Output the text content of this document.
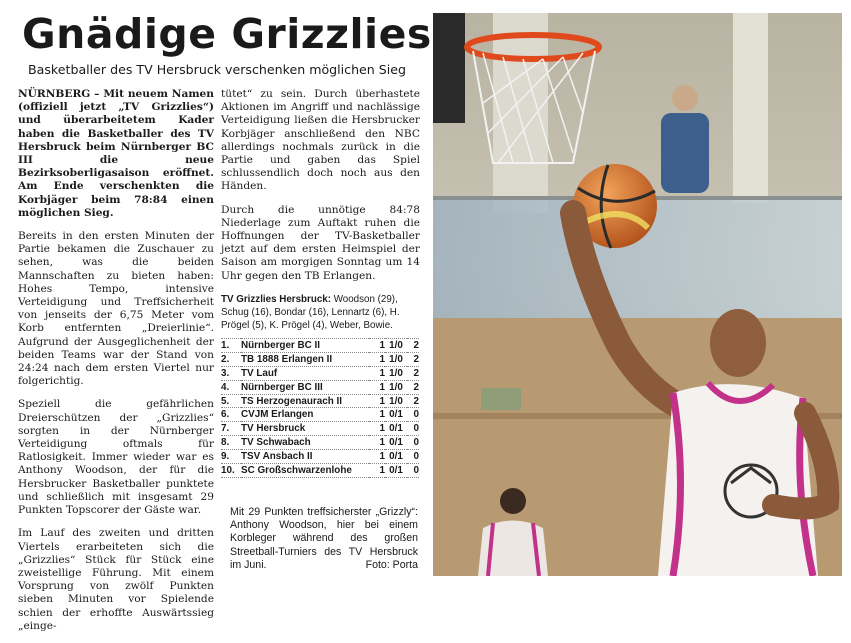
Gnädige Grizzlies
Basketballer des TV Hersbruck verschenken möglichen Sieg

NÜRNBERG – Mit neuem Namen (offiziell jetzt „TV Grizzlies“) und überarbeitetem Kader haben die Basketballer des TV Hersbruck beim Nürnberger BC III die neue Bezirksoberligasaison eröffnet. Am Ende verschenkten die Korbjäger beim 78:84 einen möglichen Sieg.

Bereits in den ersten Minuten der Partie bekamen die Zuschauer zu sehen, was die beiden Mannschaften zu bieten haben: Hohes Tempo, intensive Verteidigung und Treffsicherheit von jenseits der 6,75 Meter vom Korb entfernten „Dreierlinie“. Aufgrund der Ausgeglichenheit der beiden Teams war der Stand von 24:24 nach dem ersten Viertel nur folgerichtig.

Speziell die gefährlichen Dreierschützen der „Grizzlies“ sorgten in der Nürnberger Verteidigung oftmals für Ratlosigkeit. Immer wieder war es Anthony Woodson, der für die Hersbrucker Basketballer punktete und schließlich mit insgesamt 29 Punkten Topscorer der Gäste war.

Im Lauf des zweiten und dritten Viertels erarbeiteten sich die „Grizzlies“ Stück für Stück eine zweistellige Führung. Mit einem Vorsprung von zwölf Punkten sieben Minuten vor Spielende schien der erhoffte Auswärtssieg „einge-

tütet“ zu sein. Durch überhastete Aktionen im Angriff und nachlässige Verteidigung ließen die Hersbrucker Korbjäger anschließend den NBC allerdings nochmals zurück in die Partie und gaben das Spiel schlussendlich doch noch aus den Händen.

Durch die unnötige 84:78 Niederlage zum Auftakt ruhen die Hoffnungen der TV-Basketballer jetzt auf dem ersten Heimspiel der Saison am morgigen Sonntag um 14 Uhr gegen den TB Erlangen.

TV Grizzlies Hersbruck: Woodson (29), Schug (16), Bondar (16), Lennartz (6), H. Prögel (5), K. Prögel (4), Weber, Bowie.
1.	Nürnberger BC II	1	1/0	2
2.	TB 1888 Erlangen II	1	1/0	2
3.	TV Lauf	1	1/0	2
4.	Nürnberger BC III	1	1/0	2
5.	TS Herzogenaurach II	1	1/0	2
6.	CVJM Erlangen	1	0/1	0
7.	TV Hersbruck	1	0/1	0
8.	TV Schwabach	1	0/1	0
9.	TSV Ansbach II	1	0/1	0
10.	SC Großschwarzenlohe	1	0/1	0
Mit 29 Punkten treffsicherster „Grizzly“: Anthony Woodson, hier bei einem Korbleger während des großen Streetball-Turniers des TV Hersbruck im Juni.	Foto: Porta
